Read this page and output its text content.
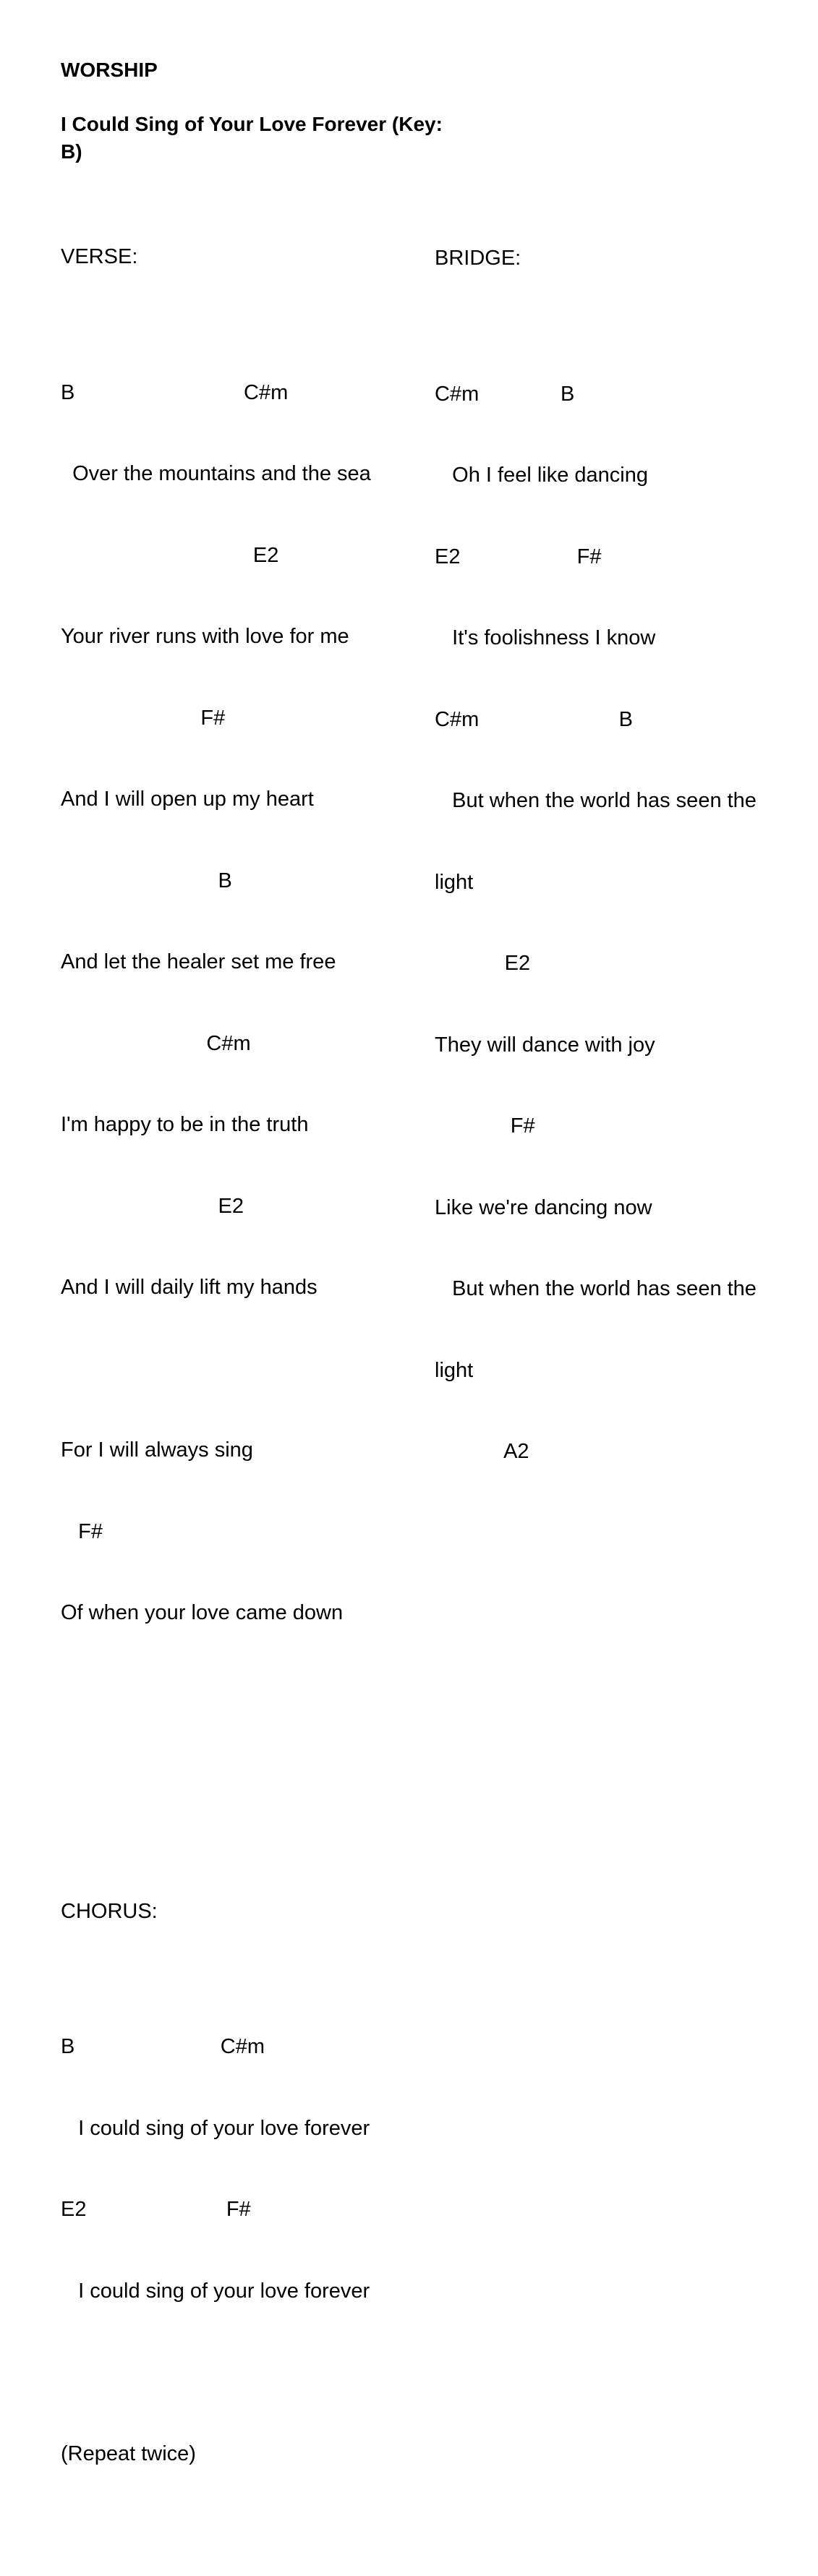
WORSHIP
I Could Sing of Your Love Forever (Key:
B)

VERSE:

B                             C#m

Over the mountains and the sea

E2

Your river runs with love for me

F#

And I will open up my heart

B

And let the healer set me free

C#m

I'm happy to be in the truth

E2

And I will daily lift my hands

For I will always sing

F#

Of when your love came down

CHORUS:

B                         C#m

I could sing of your love forever

E2                        F#

I could sing of your love forever

(Repeat twice)

BRIDGE:

C#m              B

Oh I feel like dancing

E2                    F#

It's foolishness I know

C#m                        B

But when the world has seen the

light

E2

They will dance with joy

F#

Like we're dancing now

But when the world has seen the

light

A2
